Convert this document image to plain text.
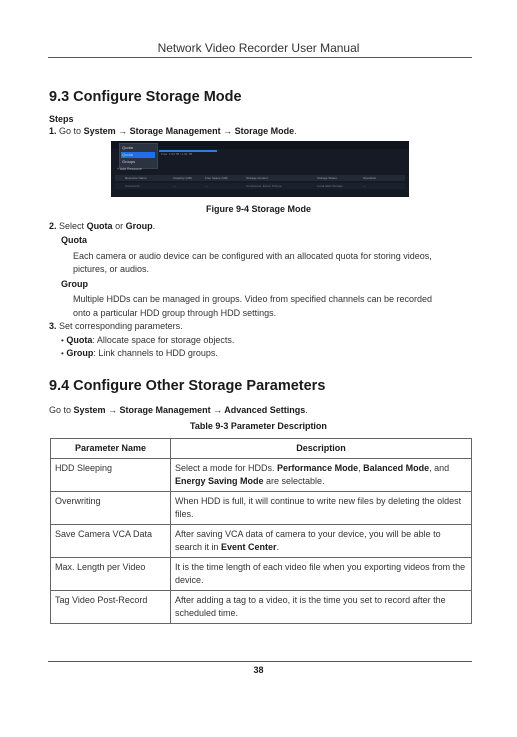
Network Video Recorder User Manual
9.3 Configure Storage Mode
Steps
1. Go to System → Storage Management → Storage Mode.
Quota
Quota
Groups
Free: 1.64 TB / 1.81 TB
+ Add Resource
Resource Name	Capacity (GB)	Free Space (GB)	Storage Content	Storage Status	Operation
Camera 01	—	—	Continuous, Event, Picture	Local HDD Storage	—
Figure 9-4 Storage Mode
2. Select Quota or Group.
Quota
Each camera or audio device can be configured with an allocated quota for storing videos,
pictures, or audios.
Group
Multiple HDDs can be managed in groups. Video from specified channels can be recorded
onto a particular HDD group through HDD settings.
3. Set corresponding parameters.
• Quota: Allocate space for storage objects.
• Group: Link channels to HDD groups.
9.4 Configure Other Storage Parameters
Go to System → Storage Management → Advanced Settings.
Table 9-3 Parameter Description
Parameter Name	Description
HDD Sleeping	Select a mode for HDDs. Performance Mode, Balanced Mode, and Energy Saving Mode are selectable.
Overwriting	When HDD is full, it will continue to write new files by deleting the oldest files.
Save Camera VCA Data	After saving VCA data of camera to your device, you will be able to search it in Event Center.
Max. Length per Video	It is the time length of each video file when you exporting videos from the device.
Tag Video Post-Record	After adding a tag to a video, it is the time you set to record after the scheduled time.
38
